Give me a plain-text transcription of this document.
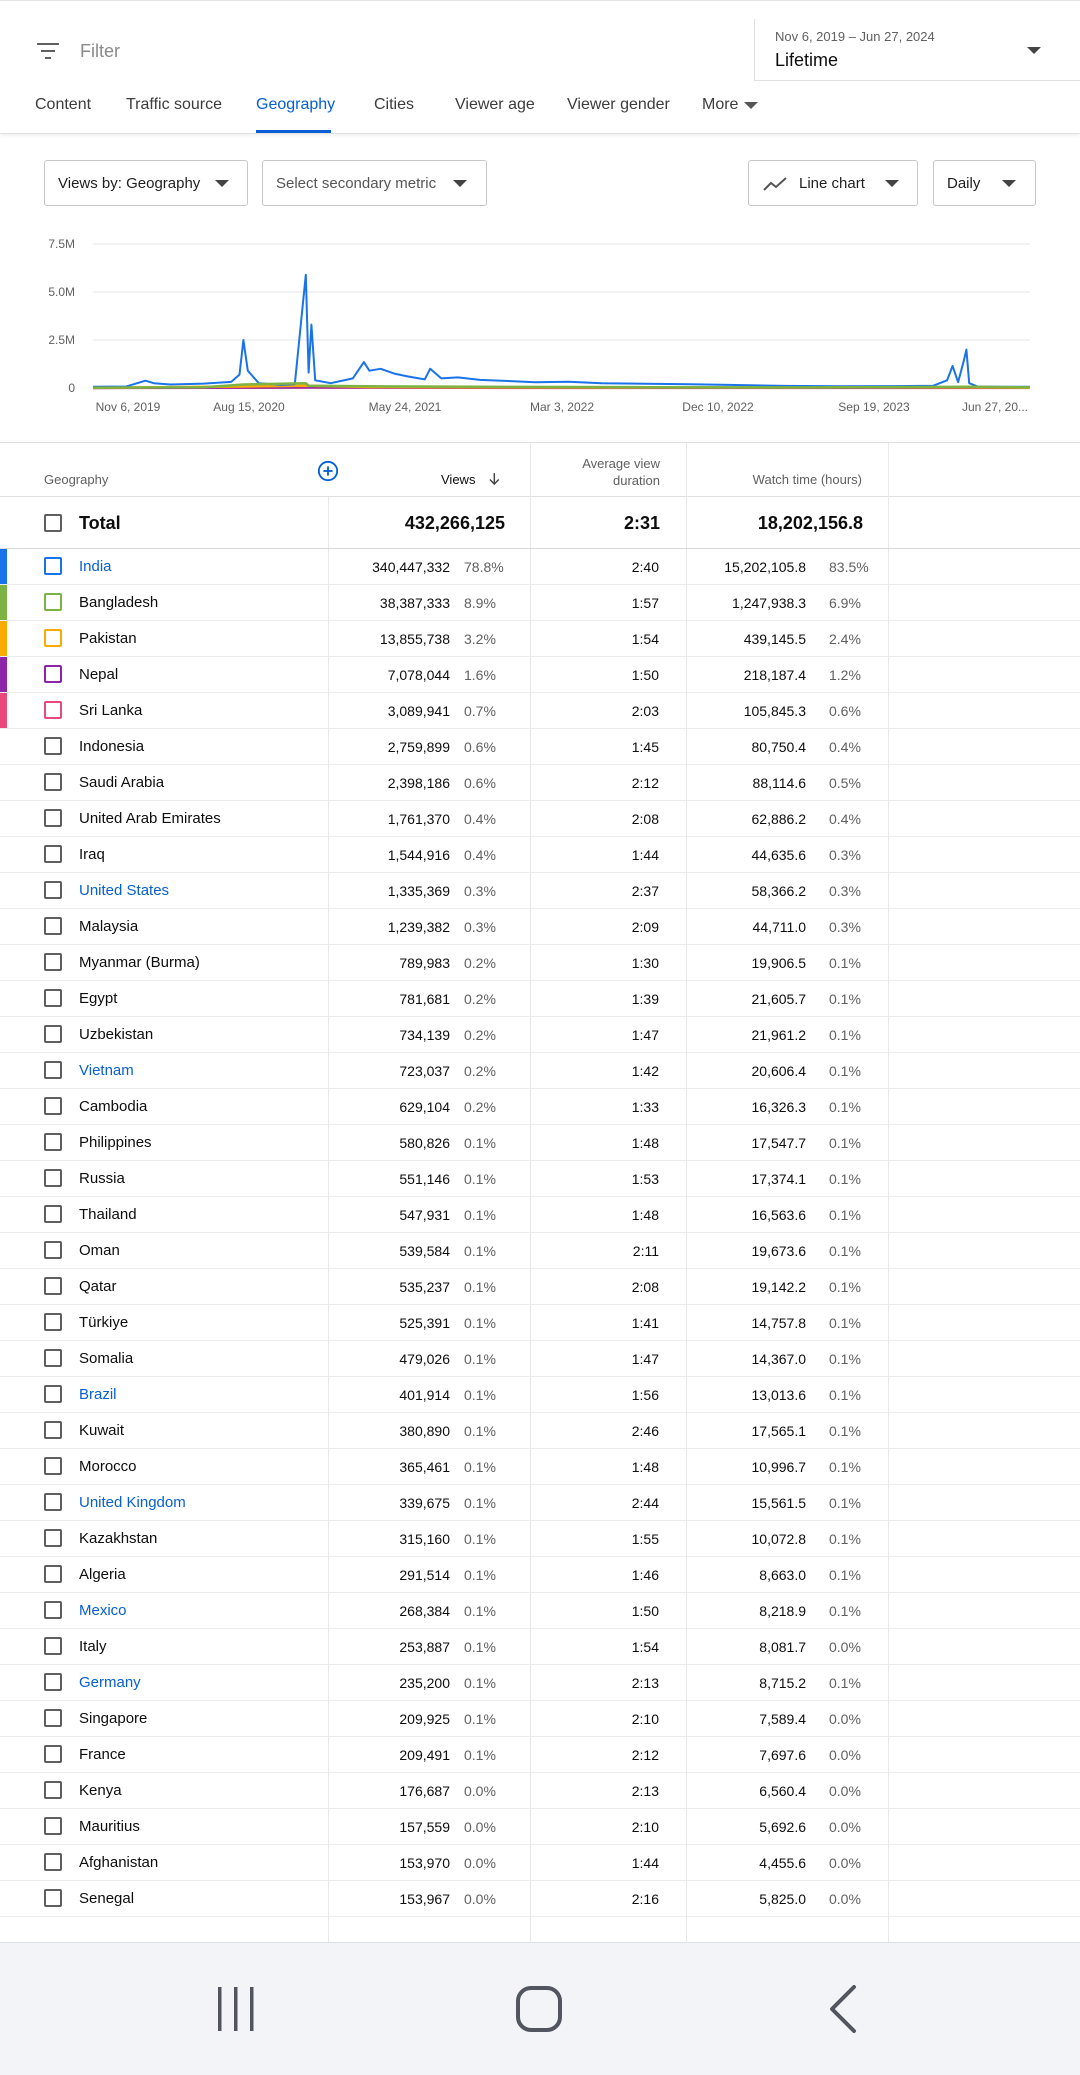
Filter
Nov 6, 2019 – Jun 27, 2024
Lifetime
Content Traffic source Geography Cities	Viewer age Viewer gender More
Views by: Geography	Select secondary metric	Line chart	Daily
0
2.5M
5.0M
7.5M
Nov 6, 2019	Aug 15, 2020	May 24, 2021	Mar 3, 2022	Dec 10, 2022	Sep 19, 2023	Jun 27, 20...
Geography	Views
Average view
duration	Watch time (hours)
Total	432,266,125	2:31	18,202,156.8
India	340,447,332 78.8%	2:40	15,202,105.8 83.5%
Bangladesh	38,387,333 8.9%	1:57	1,247,938.3 6.9%
Pakistan	13,855,738 3.2%	1:54	439,145.5 2.4%
Nepal	7,078,044 1.6%	1:50	218,187.4 1.2%
Sri Lanka	3,089,941 0.7%	2:03	105,845.3 0.6%
Indonesia	2,759,899 0.6%	1:45	80,750.4 0.4%
Saudi Arabia	2,398,186 0.6%	2:12	88,114.6 0.5%
United Arab Emirates	1,761,370 0.4%	2:08	62,886.2 0.4%
Iraq	1,544,916 0.4%	1:44	44,635.6 0.3%
United States	1,335,369 0.3%	2:37	58,366.2 0.3%
Malaysia	1,239,382 0.3%	2:09	44,711.0 0.3%
Myanmar (Burma)	789,983 0.2%	1:30	19,906.5 0.1%
Egypt	781,681 0.2%	1:39	21,605.7 0.1%
Uzbekistan	734,139 0.2%	1:47	21,961.2 0.1%
Vietnam	723,037 0.2%	1:42	20,606.4 0.1%
Cambodia	629,104 0.2%	1:33	16,326.3 0.1%
Philippines	580,826 0.1%	1:48	17,547.7 0.1%
Russia	551,146 0.1%	1:53	17,374.1 0.1%
Thailand	547,931 0.1%	1:48	16,563.6 0.1%
Oman	539,584 0.1%	2:11	19,673.6 0.1%
Qatar	535,237 0.1%	2:08	19,142.2 0.1%
Türkiye	525,391 0.1%	1:41	14,757.8 0.1%
Somalia	479,026 0.1%	1:47	14,367.0 0.1%
Brazil	401,914 0.1%	1:56	13,013.6 0.1%
Kuwait	380,890 0.1%	2:46	17,565.1 0.1%
Morocco	365,461 0.1%	1:48	10,996.7 0.1%
United Kingdom	339,675 0.1%	2:44	15,561.5 0.1%
Kazakhstan	315,160 0.1%	1:55	10,072.8 0.1%
Algeria	291,514 0.1%	1:46	8,663.0 0.1%
Mexico	268,384 0.1%	1:50	8,218.9 0.1%
Italy	253,887 0.1%	1:54	8,081.7 0.0%
Germany	235,200 0.1%	2:13	8,715.2 0.1%
Singapore	209,925 0.1%	2:10	7,589.4 0.0%
France	209,491 0.1%	2:12	7,697.6 0.0%
Kenya	176,687 0.0%	2:13	6,560.4 0.0%
Mauritius	157,559 0.0%	2:10	5,692.6 0.0%
Afghanistan	153,970 0.0%	1:44	4,455.6 0.0%
Senegal	153,967 0.0%	2:16	5,825.0 0.0%
